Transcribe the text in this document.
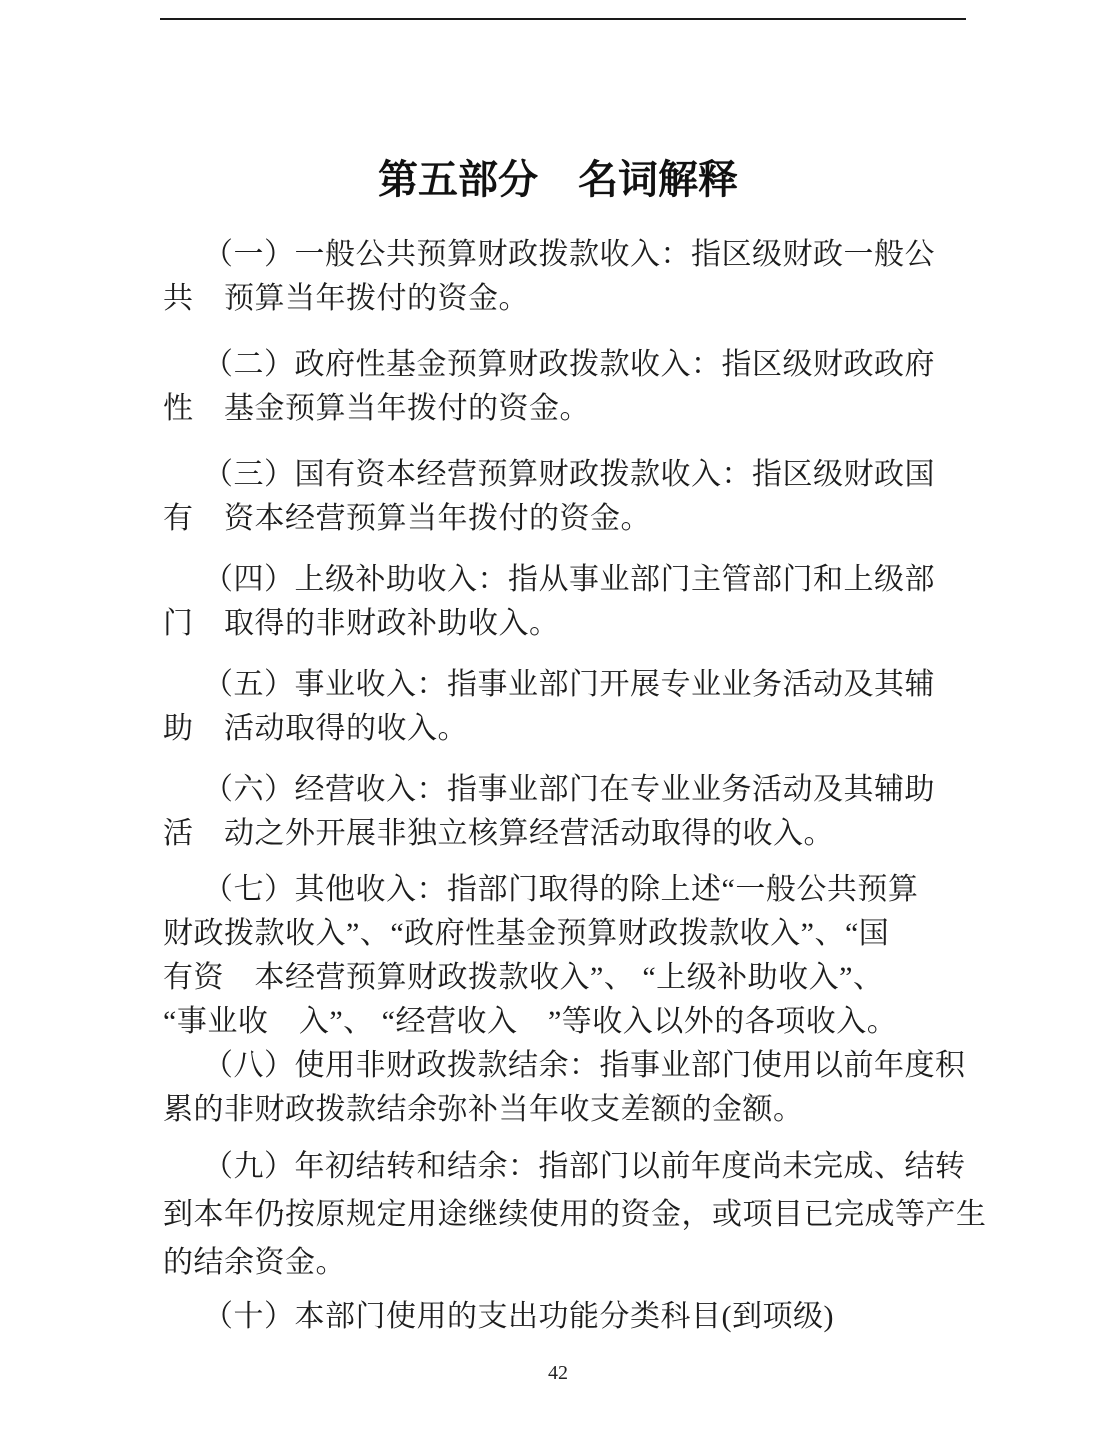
第五部分　名词解释
（一）一般公共预算财政拨款收入：指区级财政一般公
共　预算当年拨付的资金。
（二）政府性基金预算财政拨款收入：指区级财政政府
性　基金预算当年拨付的资金。
（三）国有资本经营预算财政拨款收入：指区级财政国
有　资本经营预算当年拨付的资金。
（四）上级补助收入：指从事业部门主管部门和上级部
门　取得的非财政补助收入。
（五）事业收入：指事业部门开展专业业务活动及其辅
助　活动取得的收入。
（六）经营收入：指事业部门在专业业务活动及其辅助
活　动之外开展非独立核算经营活动取得的收入。
（七）其他收入：指部门取得的除上述“一般公共预算
财政拨款收入”、“政府性基金预算财政拨款收入”、“国
有资　本经营预算财政拨款收入”、 “上级补助收入”、
“事业收　入”、 “经营收入　”等收入以外的各项收入。
（八）使用非财政拨款结余：指事业部门使用以前年度积
累的非财政拨款结余弥补当年收支差额的金额。
（九）年初结转和结余：指部门以前年度尚未完成、结转
到本年仍按原规定用途继续使用的资金，或项目已完成等产生
的结余资金。
（十）本部门使用的支出功能分类科目(到项级)
42
